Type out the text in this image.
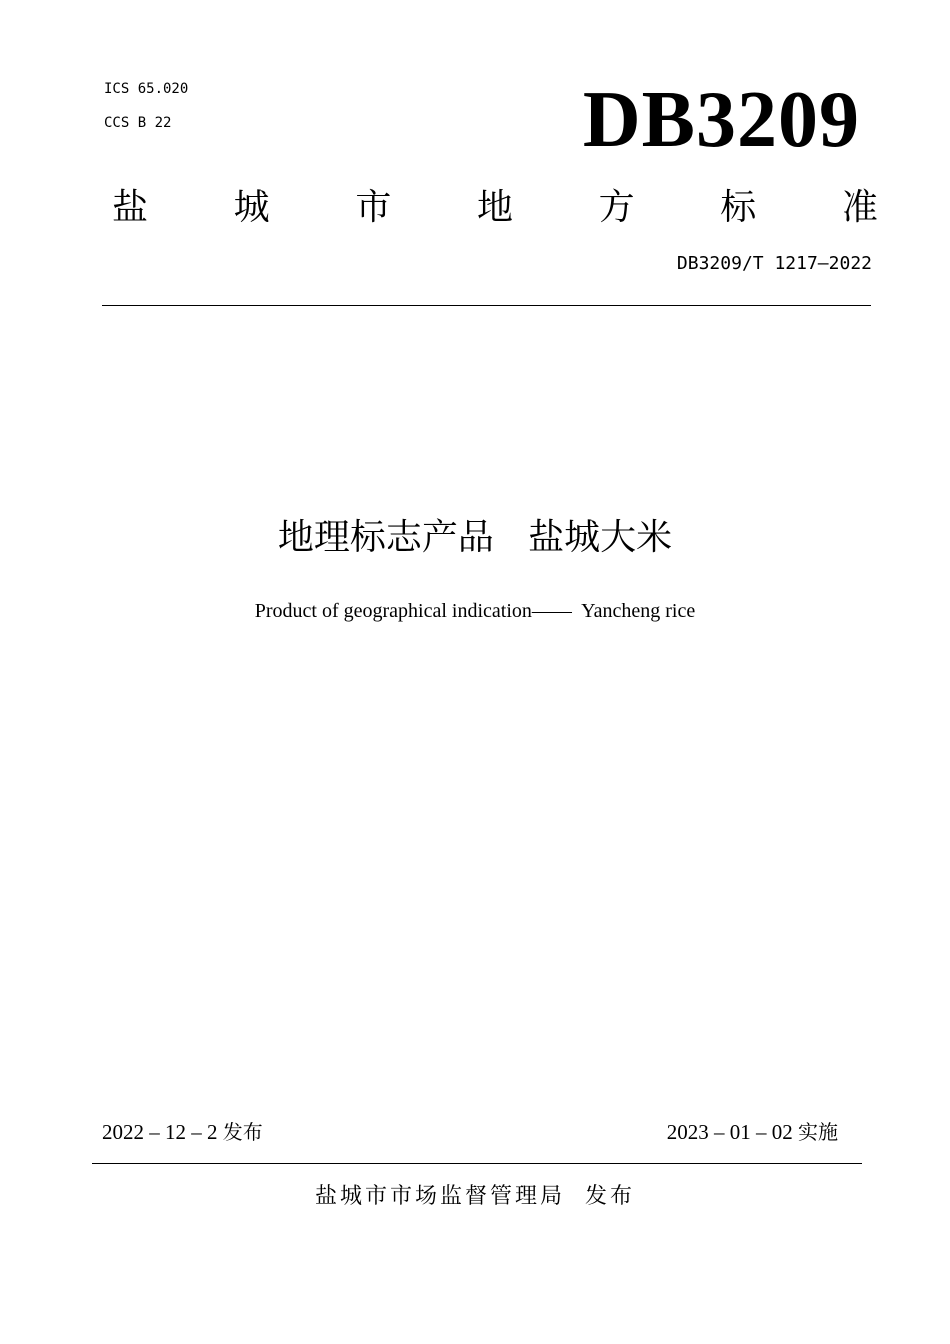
ICS 65.020
CCS B 22	DB3209
盐 城 市 地 方 标 准
DB3209/T 1217—2022
地理标志产品   盐城大米
Product of geographical indication——  Yancheng rice
2022 – 12 – 2 发布	2023 – 01 – 02 实施
盐城市市场监督管理局 发布
